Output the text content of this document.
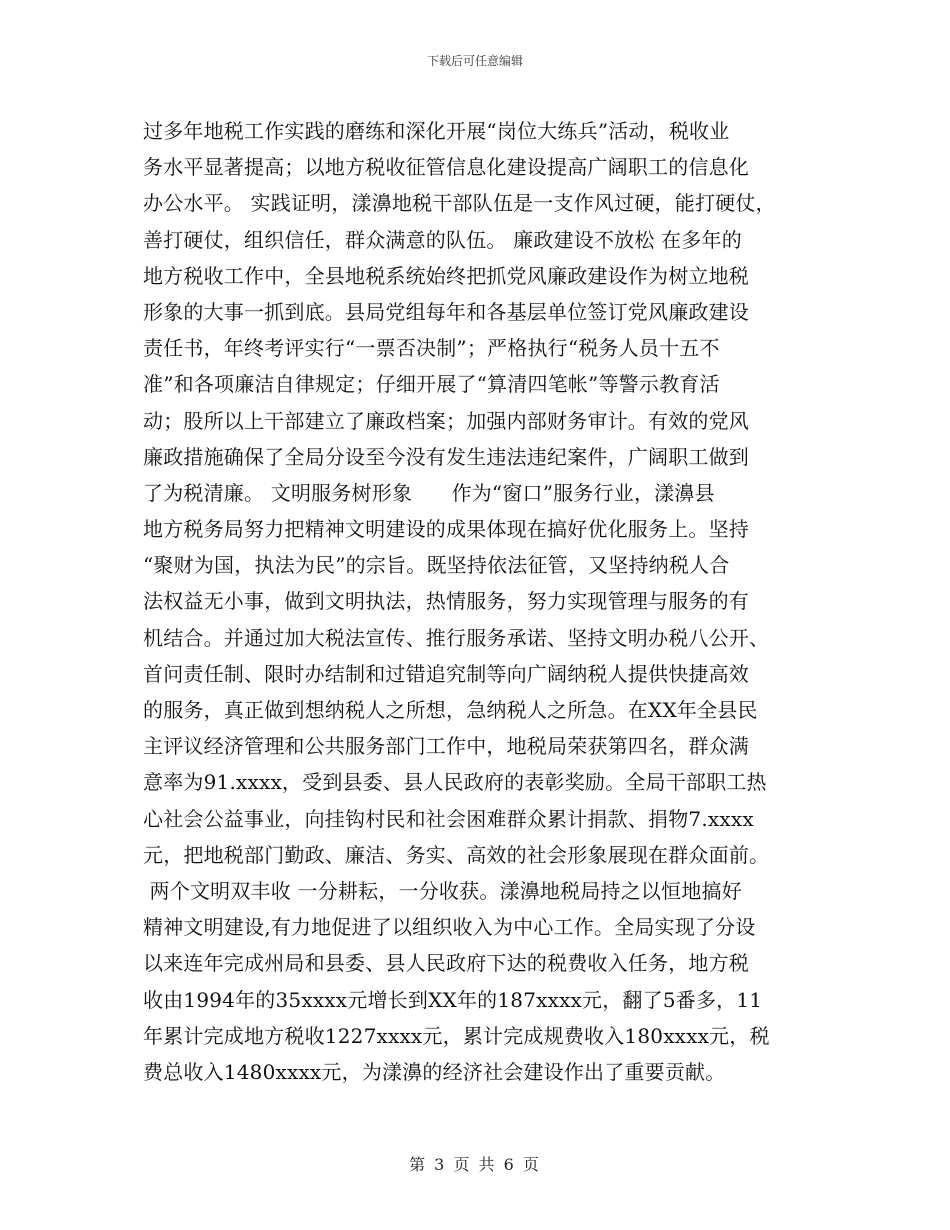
下载后可任意编辑
过多年地税工作实践的磨练和深化开展“岗位大练兵”活动，税收业
务水平显著提高；以地方税收征管信息化建设提高广阔职工的信息化
办公水平。 实践证明，漾濞地税干部队伍是一支作风过硬，能打硬仗，
善打硬仗，组织信任，群众满意的队伍。 廉政建设不放松 在多年的
地方税收工作中，全县地税系统始终把抓党风廉政建设作为树立地税
形象的大事一抓到底。县局党组每年和各基层单位签订党风廉政建设
责任书，年终考评实行“一票否决制”；严格执行“税务人员十五不
准”和各项廉洁自律规定；仔细开展了“算清四笔帐”等警示教育活
动；股所以上干部建立了廉政档案；加强内部财务审计。有效的党风
廉政措施确保了全局分设至今没有发生违法违纪案件，广阔职工做到
了为税清廉。 文明服务树形象      作为“窗口”服务行业，漾濞县
地方税务局努力把精神文明建设的成果体现在搞好优化服务上。坚持
“聚财为国，执法为民”的宗旨。既坚持依法征管，又坚持纳税人合
法权益无小事，做到文明执法，热情服务，努力实现管理与服务的有
机结合。并通过加大税法宣传、推行服务承诺、坚持文明办税八公开、
首问责任制、限时办结制和过错追究制等向广阔纳税人提供快捷高效
的服务，真正做到想纳税人之所想，急纳税人之所急。在XX年全县民
主评议经济管理和公共服务部门工作中，地税局荣获第四名，群众满
意率为91.xxxx，受到县委、县人民政府的表彰奖励。全局干部职工热
心社会公益事业，向挂钩村民和社会困难群众累计捐款、捐物7.xxxx
元，把地税部门勤政、廉洁、务实、高效的社会形象展现在群众面前。
两个文明双丰收 一分耕耘，一分收获。漾濞地税局持之以恒地搞好
精神文明建设,有力地促进了以组织收入为中心工作。全局实现了分设
以来连年完成州局和县委、县人民政府下达的税费收入任务，地方税
收由1994年的35xxxx元增长到XX年的187xxxx元，翻了5番多，11
年累计完成地方税收1227xxxx元，累计完成规费收入180xxxx元，税
费总收入1480xxxx元，为漾濞的经济社会建设作出了重要贡献。
第 3 页 共 6 页
